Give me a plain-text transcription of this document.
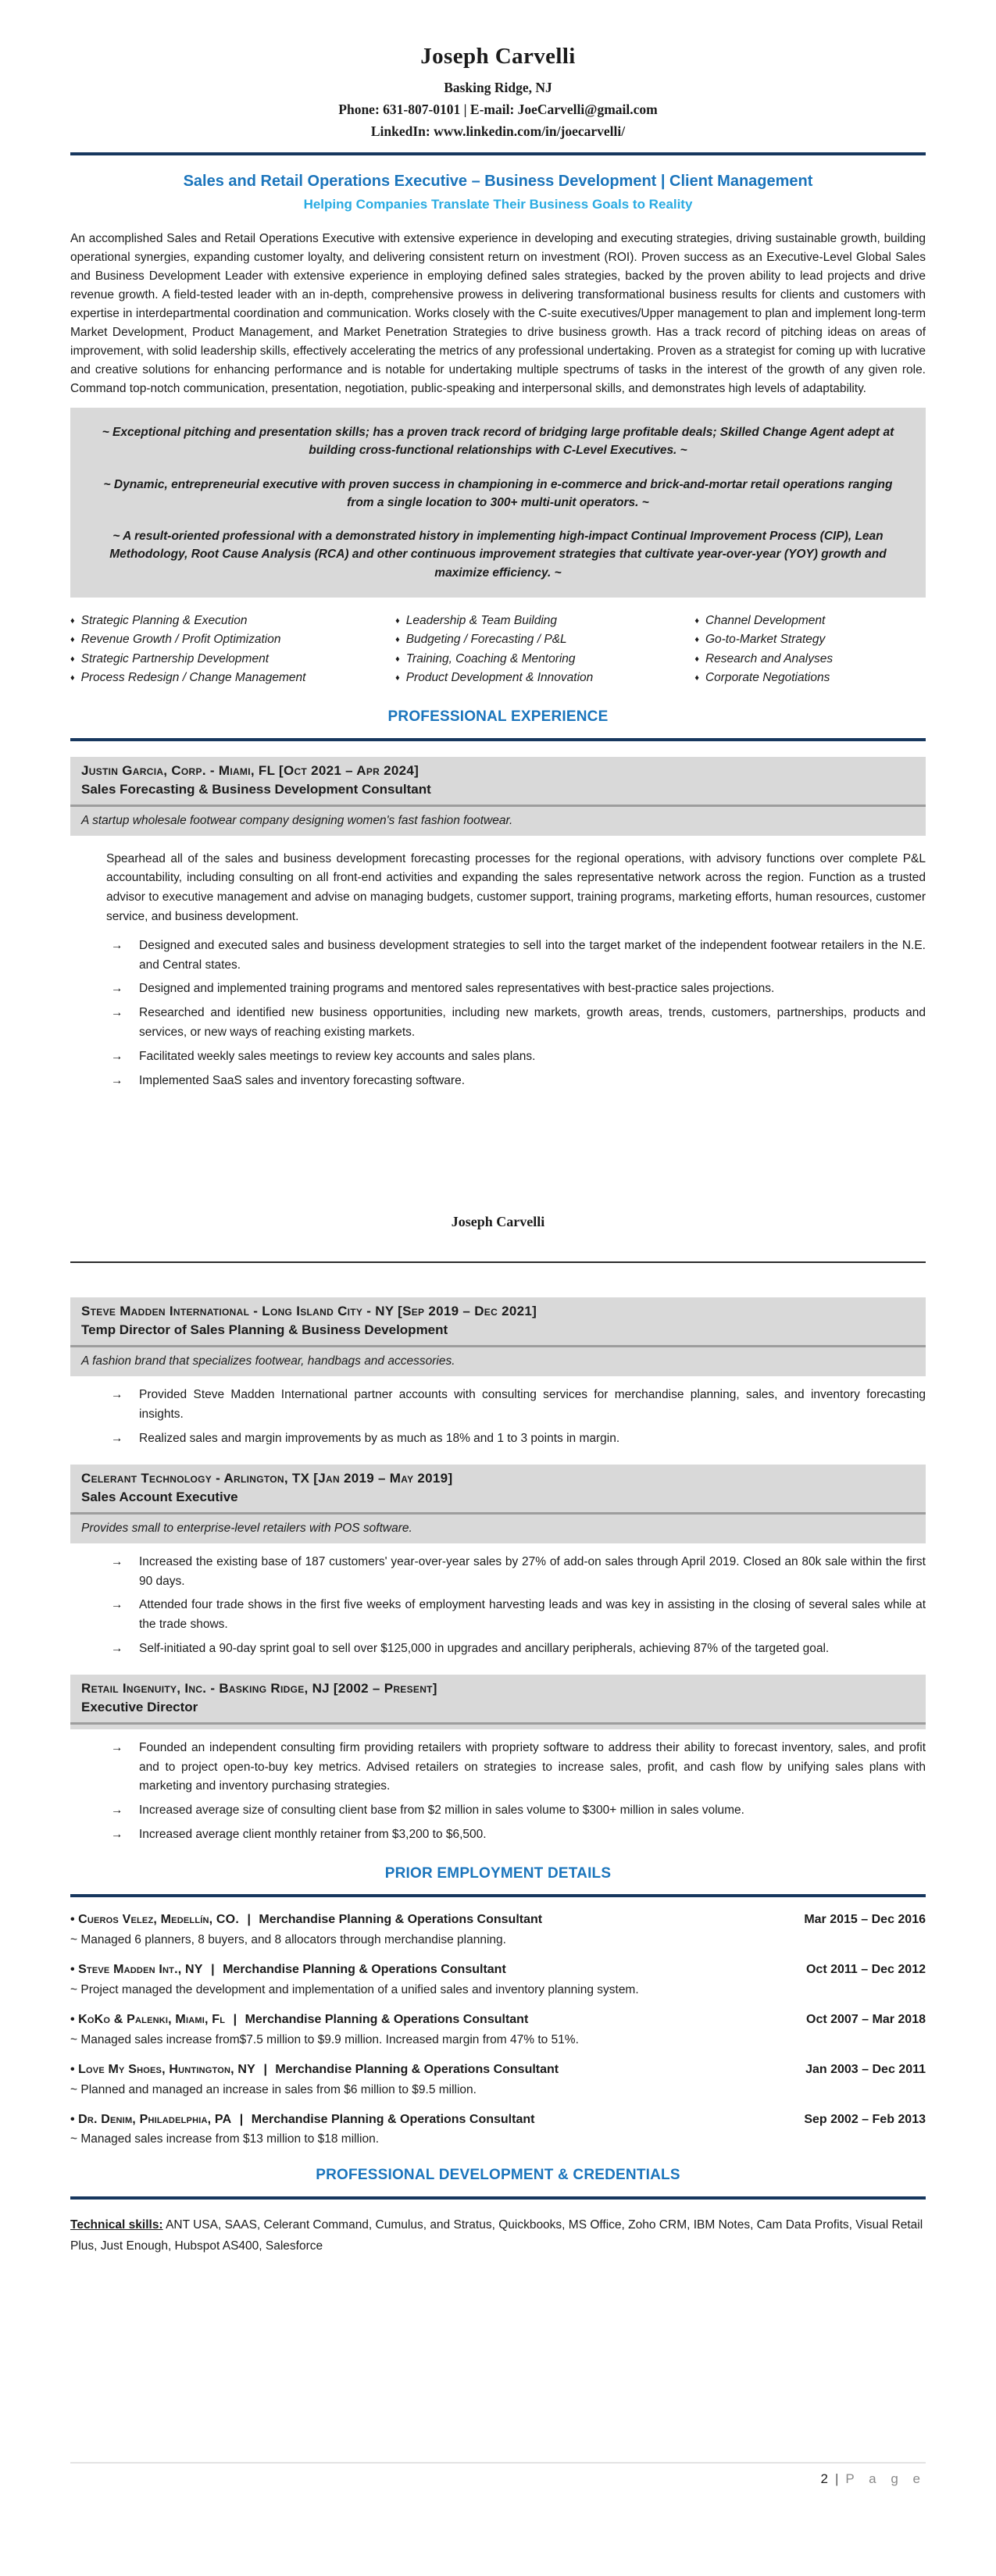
Joseph Carvelli
Basking Ridge, NJ
Phone: 631-807-0101 | E-mail: JoeCarvelli@gmail.com
LinkedIn: www.linkedin.com/in/joecarvelli/
Sales and Retail Operations Executive – Business Development | Client Management
Helping Companies Translate Their Business Goals to Reality

An accomplished Sales and Retail Operations Executive with extensive experience in developing and executing strategies, driving sustainable growth, building operational synergies, expanding customer loyalty, and delivering consistent return on investment (ROI). Proven success as an Executive-Level Global Sales and Business Development Leader with extensive experience in employing defined sales strategies, backed by the proven ability to lead projects and drive revenue growth. A field-tested leader with an in-depth, comprehensive prowess in delivering transformational business results for clients and customers with expertise in interdepartmental coordination and communication. Works closely with the C-suite executives/Upper management to plan and implement long-term Market Development, Product Management, and Market Penetration Strategies to drive business growth. Has a track record of pitching ideas on areas of improvement, with solid leadership skills, effectively accelerating the metrics of any professional undertaking. Proven as a strategist for coming up with lucrative and creative solutions for enhancing performance and is notable for undertaking multiple spectrums of tasks in the interest of the growth of any given role. Command top-notch communication, presentation, negotiation, public-speaking and interpersonal skills, and demonstrates high levels of adaptability.

~ Exceptional pitching and presentation skills; has a proven track record of bridging large profitable deals; Skilled Change Agent adept at building cross-functional relationships with C-Level Executives. ~

~ Dynamic, entrepreneurial executive with proven success in championing in e-commerce and brick-and-mortar retail operations ranging from a single location to 300+ multi-unit operators. ~

~ A result-oriented professional with a demonstrated history in implementing high-impact Continual Improvement Process (CIP), Lean Methodology, Root Cause Analysis (RCA) and other continuous improvement strategies that cultivate year-over-year (YOY) growth and maximize efficiency. ~

♦ Strategic Planning & Execution
♦ Revenue Growth / Profit Optimization
♦ Strategic Partnership Development
♦ Process Redesign / Change Management
♦ Leadership & Team Building
♦ Budgeting / Forecasting / P&L
♦ Training, Coaching & Mentoring
♦ Product Development & Innovation
♦ Channel Development
♦ Go-to-Market Strategy
♦ Research and Analyses
♦ Corporate Negotiations
PROFESSIONAL EXPERIENCE
Justin Garcia, Corp. - Miami, FL [Oct 2021 – Apr 2024]
Sales Forecasting & Business Development Consultant
A startup wholesale footwear company designing women's fast fashion footwear.

Spearhead all of the sales and business development forecasting processes for the regional operations, with advisory functions over complete P&L accountability, including consulting on all front-end activities and expanding the sales representative network across the region. Function as a trusted advisor to executive management and advise on managing budgets, customer support, training programs, marketing efforts, human resources, customer service, and business development.

→	Designed and executed sales and business development strategies to sell into the target market of the independent footwear retailers in the N.E. and Central states.
→	Designed and implemented training programs and mentored sales representatives with best-practice sales projections.
→	Researched and identified new business opportunities, including new markets, growth areas, trends, customers, partnerships, products and services, or new ways of reaching existing markets.
→	Facilitated weekly sales meetings to review key accounts and sales plans.
→	Implemented SaaS sales and inventory forecasting software.
Joseph Carvelli
Steve Madden International - Long Island City - NY [Sep 2019 – Dec 2021]
Temp Director of Sales Planning & Business Development
A fashion brand that specializes footwear, handbags and accessories.
→	Provided Steve Madden International partner accounts with consulting services for merchandise planning, sales, and inventory forecasting insights.
→	Realized sales and margin improvements by as much as 18% and 1 to 3 points in margin.
Celerant Technology - Arlington, TX [Jan 2019 – May 2019]
Sales Account Executive
Provides small to enterprise-level retailers with POS software.
→	Increased the existing base of 187 customers' year-over-year sales by 27% of add-on sales through April 2019. Closed an 80k sale within the first 90 days.
→	Attended four trade shows in the first five weeks of employment harvesting leads and was key in assisting in the closing of several sales while at the trade shows.
→	Self-initiated a 90-day sprint goal to sell over $125,000 in upgrades and ancillary peripherals, achieving 87% of the targeted goal.
Retail Ingenuity, Inc. - Basking Ridge, NJ [2002 – Present]
Executive Director
→	Founded an independent consulting firm providing retailers with propriety software to address their ability to forecast inventory, sales, and profit and to project open-to-buy key metrics. Advised retailers on strategies to increase sales, profit, and cash flow by unifying sales plans with marketing and inventory purchasing strategies.
→	Increased average size of consulting client base from $2 million in sales volume to $300+ million in sales volume.
→	Increased average client monthly retainer from $3,200 to $6,500.
PRIOR EMPLOYMENT DETAILS
• Cueros Velez, Medellín, CO. | Merchandise Planning & Operations Consultant	Mar 2015 – Dec 2016
~ Managed 6 planners, 8 buyers, and 8 allocators through merchandise planning.
• Steve Madden Int., NY | Merchandise Planning & Operations Consultant	Oct 2011 – Dec 2012
~ Project managed the development and implementation of a unified sales and inventory planning system.
• KoKo & Palenki, Miami, Fl | Merchandise Planning & Operations Consultant	Oct 2007 – Mar 2018
~ Managed sales increase from$7.5 million to $9.9 million. Increased margin from 47% to 51%.
• Love My Shoes, Huntington, NY | Merchandise Planning & Operations Consultant	Jan 2003 – Dec 2011
~ Planned and managed an increase in sales from $6 million to $9.5 million.
• Dr. Denim, Philadelphia, PA | Merchandise Planning & Operations Consultant	Sep 2002 – Feb 2013
~ Managed sales increase from $13 million to $18 million.
PROFESSIONAL DEVELOPMENT & CREDENTIALS

Technical skills: ANT USA, SAAS, Celerant Command, Cumulus, and Stratus, Quickbooks, MS Office, Zoho CRM, IBM Notes, Cam Data Profits, Visual Retail Plus, Just Enough, Hubspot AS400, Salesforce

2 | P a g e
